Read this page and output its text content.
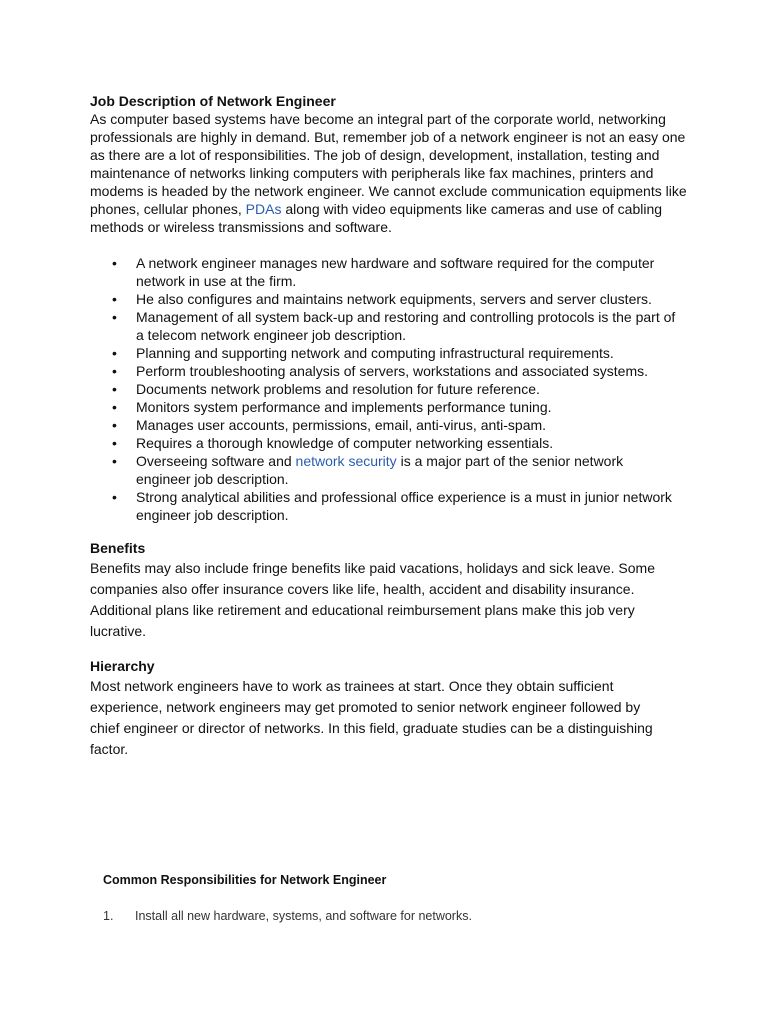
Job Description of Network Engineer

As computer based systems have become an integral part of the corporate world, networking professionals are highly in demand. But, remember job of a network engineer is not an easy one as there are a lot of responsibilities. The job of design, development, installation, testing and maintenance of networks linking computers with peripherals like fax machines, printers and modems is headed by the network engineer. We cannot exclude communication equipments like phones, cellular phones, PDAs along with video equipments like cameras and use of cabling methods or wireless transmissions and software.

• A network engineer manages new hardware and software required for the computer network in use at the firm.
• He also configures and maintains network equipments, servers and server clusters.
• Management of all system back-up and restoring and controlling protocols is the part of a telecom network engineer job description.
• Planning and supporting network and computing infrastructural requirements.
• Perform troubleshooting analysis of servers, workstations and associated systems.
• Documents network problems and resolution for future reference.
• Monitors system performance and implements performance tuning.
• Manages user accounts, permissions, email, anti-virus, anti-spam.
• Requires a thorough knowledge of computer networking essentials.
• Overseeing software and network security is a major part of the senior network engineer job description.
• Strong analytical abilities and professional office experience is a must in junior network engineer job description.

Benefits

Benefits may also include fringe benefits like paid vacations, holidays and sick leave. Some companies also offer insurance covers like life, health, accident and disability insurance. Additional plans like retirement and educational reimbursement plans make this job very lucrative.

Hierarchy

Most network engineers have to work as trainees at start. Once they obtain sufficient experience, network engineers may get promoted to senior network engineer followed by chief engineer or director of networks. In this field, graduate studies can be a distinguishing factor.

Common Responsibilities for Network Engineer

1. Install all new hardware, systems, and software for networks.
